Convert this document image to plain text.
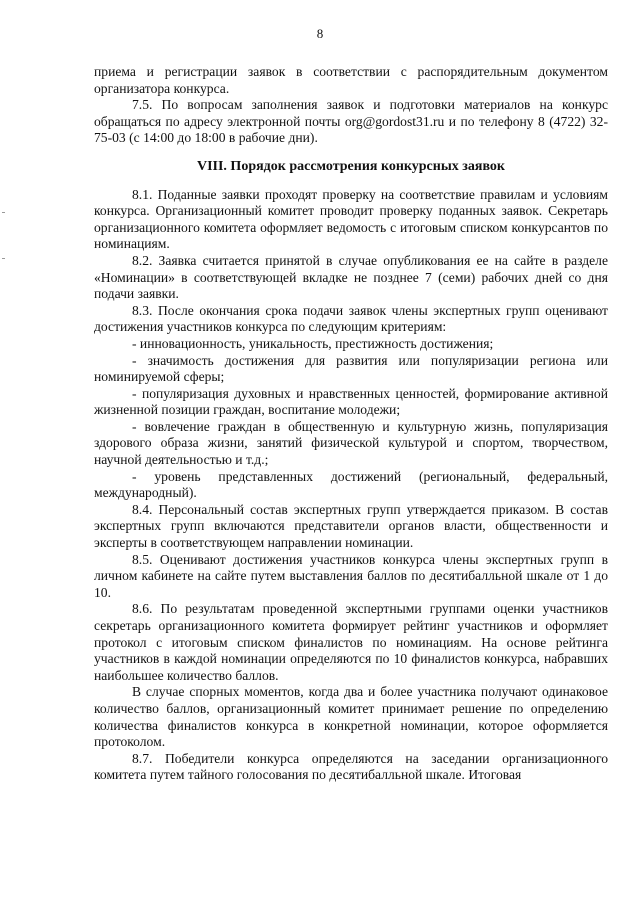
8

приема и регистрации заявок в соответствии с распорядительным документом организатора конкурса.

7.5. По вопросам заполнения заявок и подготовки материалов на конкурс обращаться по адресу электронной почты org@gordost31.ru и по телефону 8 (4722) 32-75-03 (с 14:00 до 18:00 в рабочие дни).

VIII. Порядок рассмотрения конкурсных заявок

8.1. Поданные заявки проходят проверку на соответствие правилам и условиям конкурса. Организационный комитет проводит проверку поданных заявок. Секретарь организационного комитета оформляет ведомость с итоговым списком конкурсантов по номинациям.

8.2. Заявка считается принятой в случае опубликования ее на сайте в разделе «Номинации» в соответствующей вкладке не позднее 7 (семи) рабочих дней со дня подачи заявки.

8.3. После окончания срока подачи заявок члены экспертных групп оценивают достижения участников конкурса по следующим критериям:

- инновационность, уникальность, престижность достижения;

- значимость достижения для развития или популяризации региона или номинируемой сферы;

- популяризация духовных и нравственных ценностей, формирование активной жизненной позиции граждан, воспитание молодежи;

- вовлечение граждан в общественную и культурную жизнь, популяризация здорового образа жизни, занятий физической культурой и спортом, творчеством, научной деятельностью и т.д.;

- уровень представленных достижений (региональный, федеральный, международный).

8.4. Персональный состав экспертных групп утверждается приказом. В состав экспертных групп включаются представители органов власти, общественности и эксперты в соответствующем направлении номинации.

8.5. Оценивают достижения участников конкурса члены экспертных групп в личном кабинете на сайте путем выставления баллов по десятибалльной шкале от 1 до 10.

8.6. По результатам проведенной экспертными группами оценки участников секретарь организационного комитета формирует рейтинг участников и оформляет протокол с итоговым списком финалистов по номинациям. На основе рейтинга участников в каждой номинации определяются по 10 финалистов конкурса, набравших наибольшее количество баллов.

В случае спорных моментов, когда два и более участника получают одинаковое количество баллов, организационный комитет принимает решение по определению количества финалистов конкурса в конкретной номинации, которое оформляется протоколом.

8.7. Победители конкурса определяются на заседании организационного комитета путем тайного голосования по десятибалльной шкале. Итоговая
